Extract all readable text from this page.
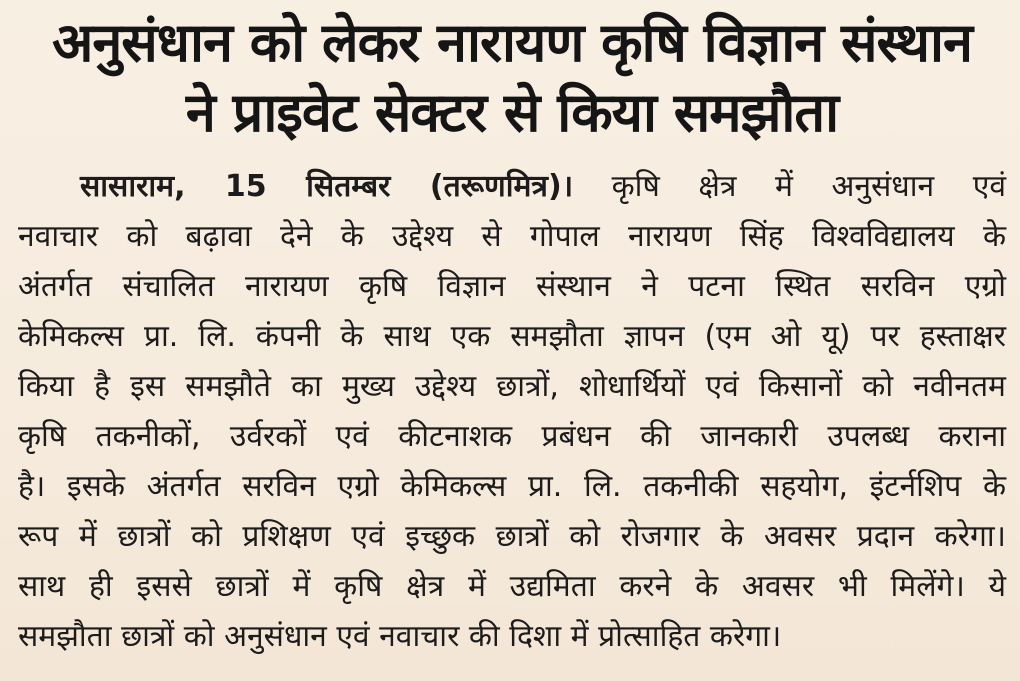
अनुसंधान को लेकर नारायण कृषि विज्ञान संस्थान
ने प्राइवेट सेक्टर से किया समझौता
सासाराम, 15 सितम्बर (तरूणमित्र)। कृषि क्षेत्र में अनुसंधान एवं
नवाचार को बढ़ावा देने के उद्देश्य से गोपाल नारायण सिंह विश्वविद्यालय के
अंतर्गत संचालित नारायण कृषि विज्ञान संस्थान ने पटना स्थित सरविन एग्रो
केमिकल्स प्रा. लि. कंपनी के साथ एक समझौता ज्ञापन (एम ओ यू) पर हस्ताक्षर
किया है इस समझौते का मुख्य उद्देश्य छात्रों, शोधार्थियों एवं किसानों को नवीनतम
कृषि तकनीकों, उर्वरकों एवं कीटनाशक प्रबंधन की जानकारी उपलब्ध कराना
है। इसके अंतर्गत सरविन एग्रो केमिकल्स प्रा. लि. तकनीकी सहयोग, इंटर्नशिप के
रूप में छात्रों को प्रशिक्षण एवं इच्छुक छात्रों को रोजगार के अवसर प्रदान करेगा।
साथ ही इससे छात्रों में कृषि क्षेत्र में उद्यमिता करने के अवसर भी मिलेंगे। ये
समझौता छात्रों को अनुसंधान एवं नवाचार की दिशा में प्रोत्साहित करेगा।
